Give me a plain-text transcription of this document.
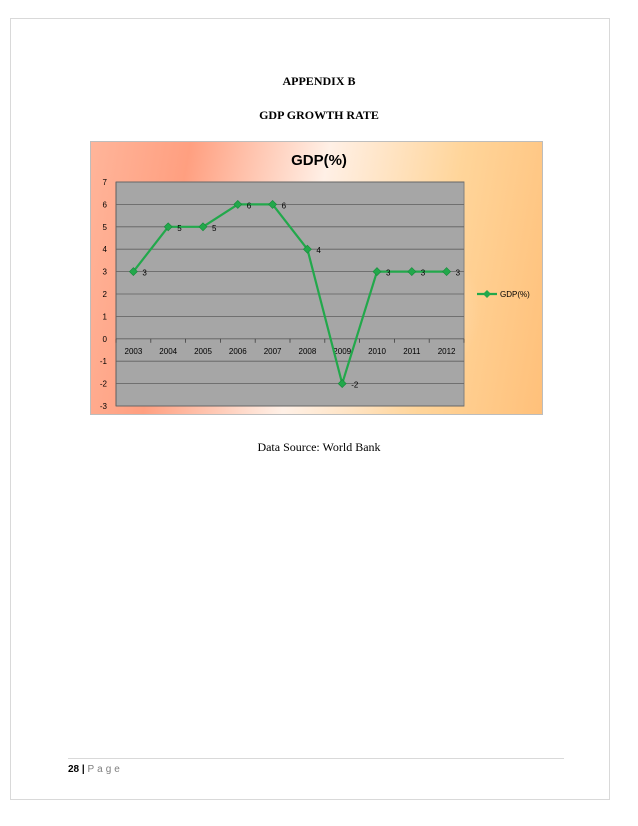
APPENDIX B
GDP GROWTH RATE
GDP(%)
7
6
5
4
3
2
1
0
-1
-2
-3
2003 2004 2005 2006 2007 2008 2009 2010 2011 2012
3
5	5
6	6
4
-2
3	3	3
GDP(%)
Data Source: World Bank
28 | Page
